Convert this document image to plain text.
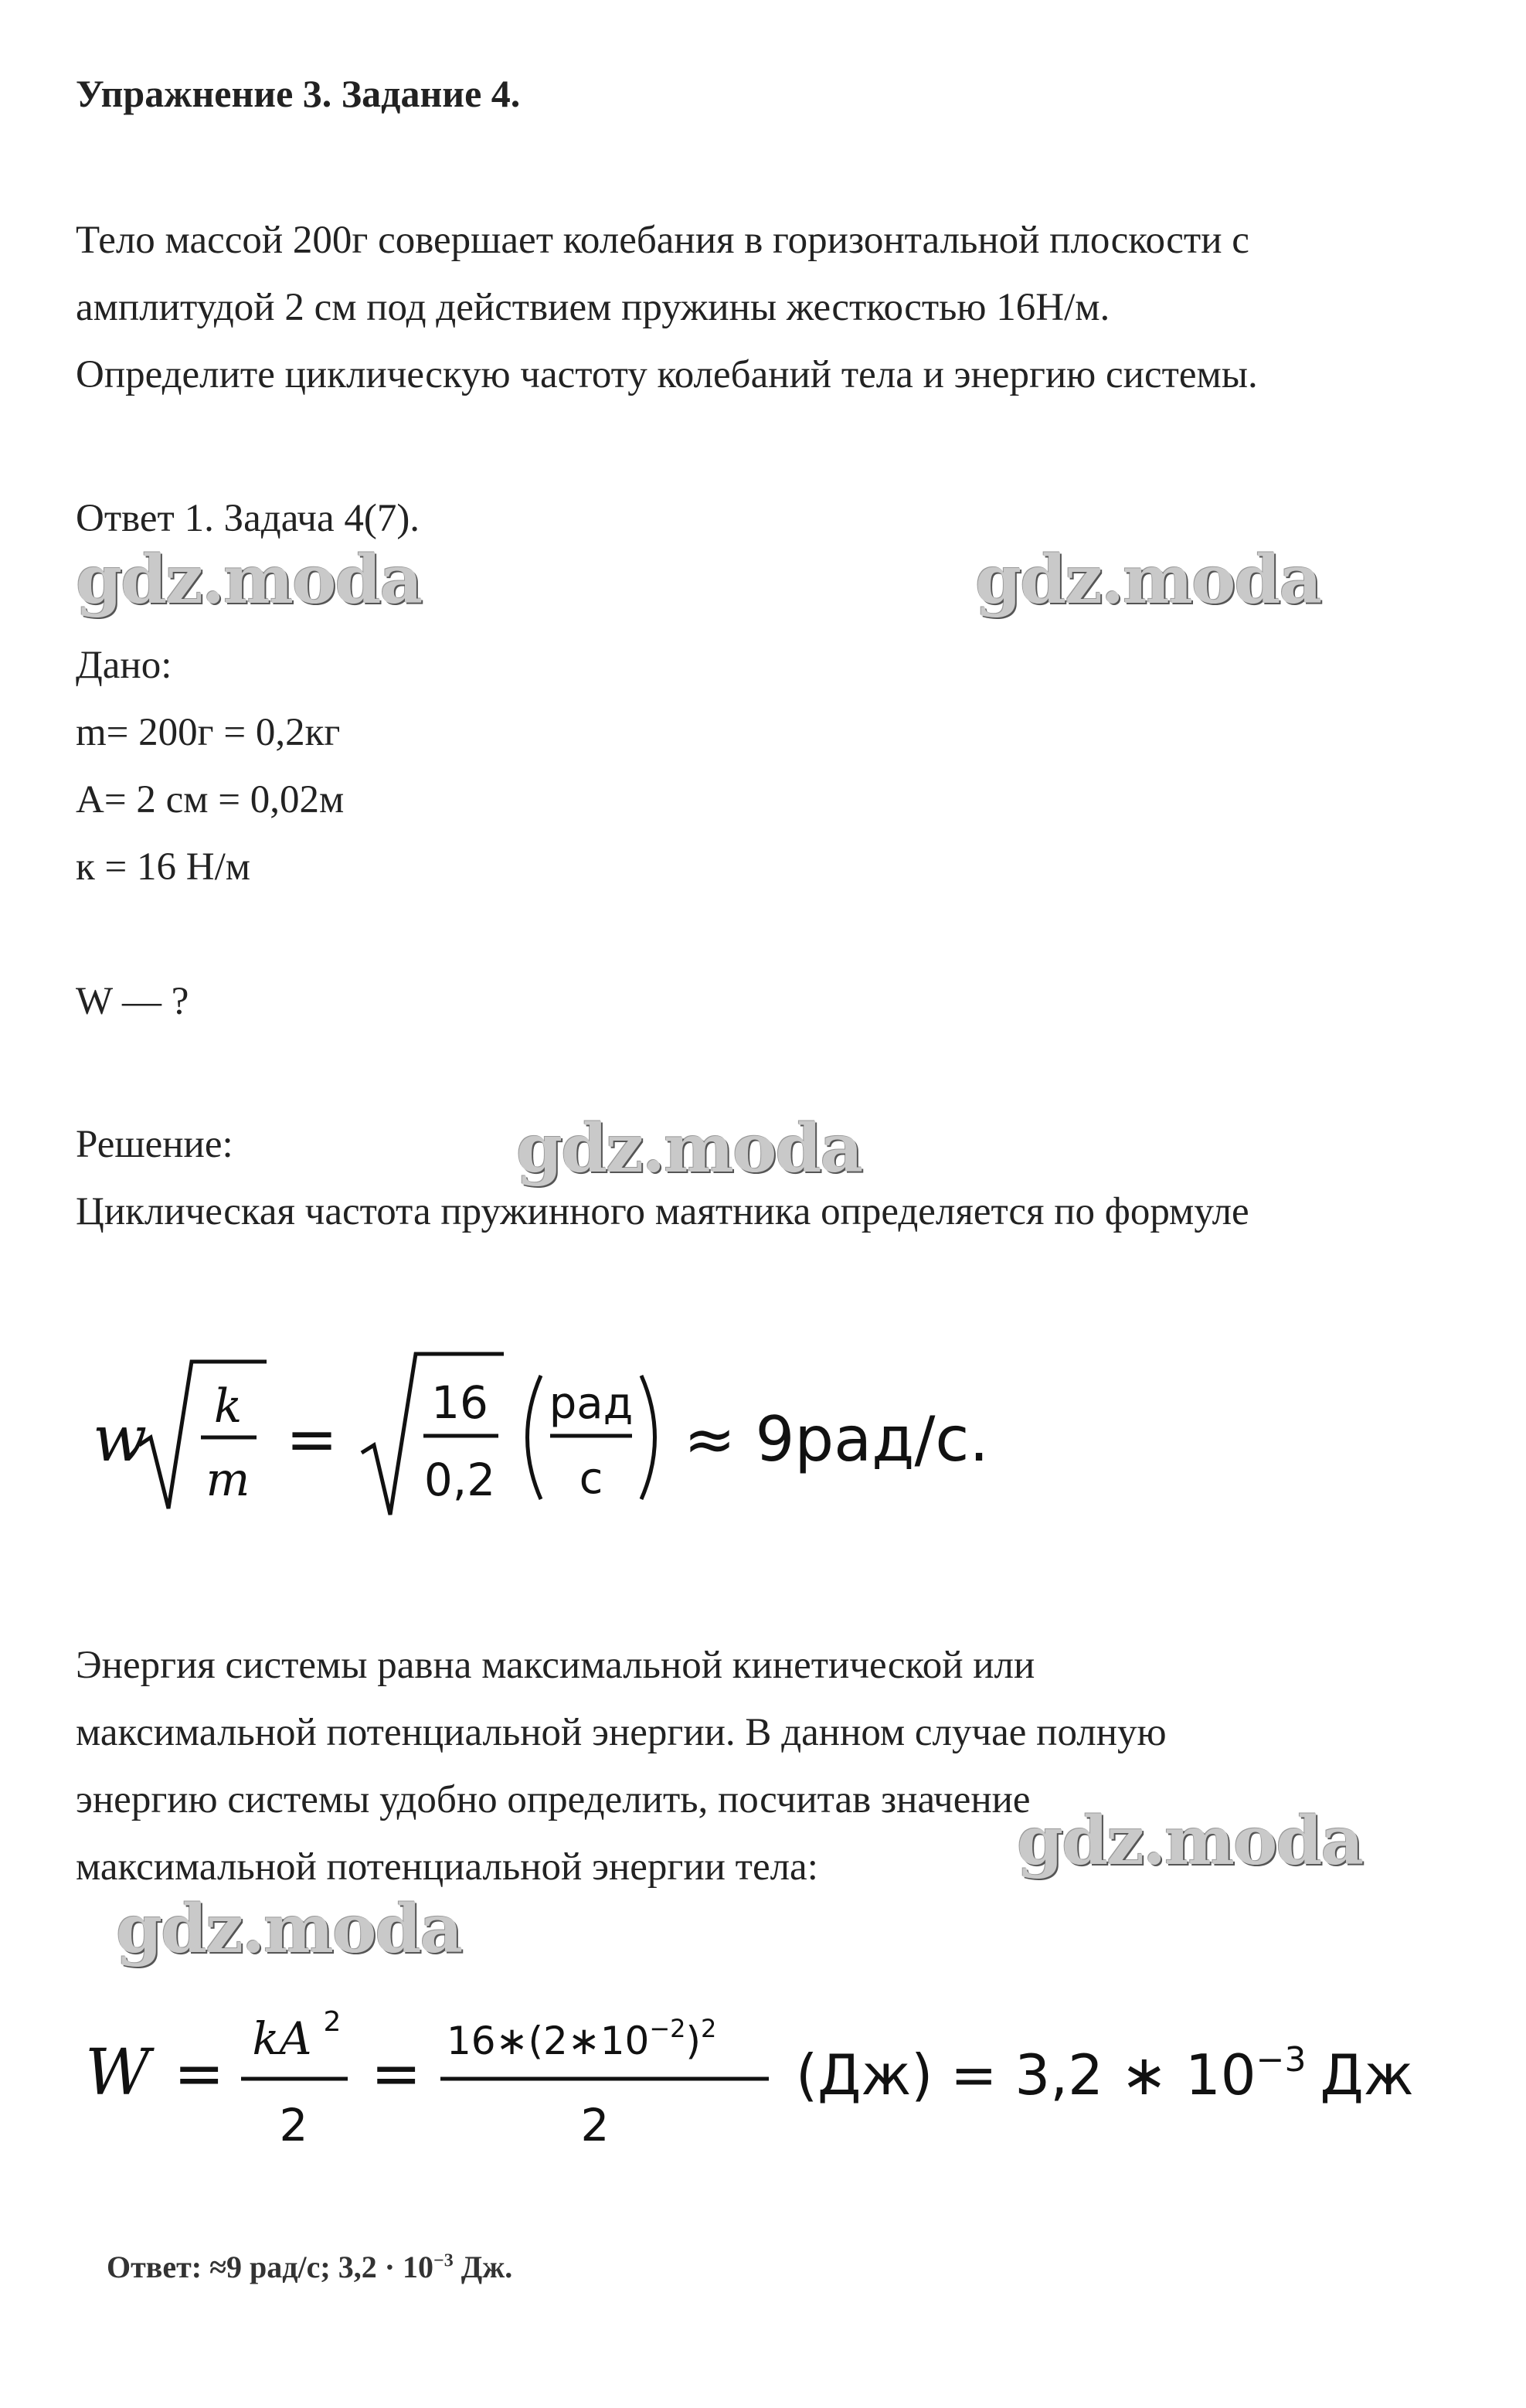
Упражнение 3. Задание 4.
Тело массой 200г совершает колебания в горизонтальной плоскости с
амплитудой 2 см под действием пружины жесткостью 16Н/м.
Определите циклическую частоту колебаний тела и энергию системы.
Ответ 1. Задача 4(7).
gdz.moda	gdz.moda
gdz.moda
gdz.moda
gdz.moda
Дано:
m= 200г = 0,2кг
A= 2 см = 0,02м
к = 16 Н/м
W — ?
Решение:
Циклическая частота пружинного маятника определяется по формуле
w k
m
=
16
0,2
рад
с
≈ 9рад/с.
Энергия системы равна максимальной кинетической или
максимальной потенциальной энергии. В данном случае полную
энергию системы удобно определить, посчитав значение
максимальной потенциальной энергии тела:
W =
kA 2
2
= $16∗(2∗10^{-2})^2$
2
(Дж) = 3,2 ∗ $10^{-3}$ Дж
Ответ: ≈9 рад/с; $3,2 \cdot 10^{-3}$ Дж.
